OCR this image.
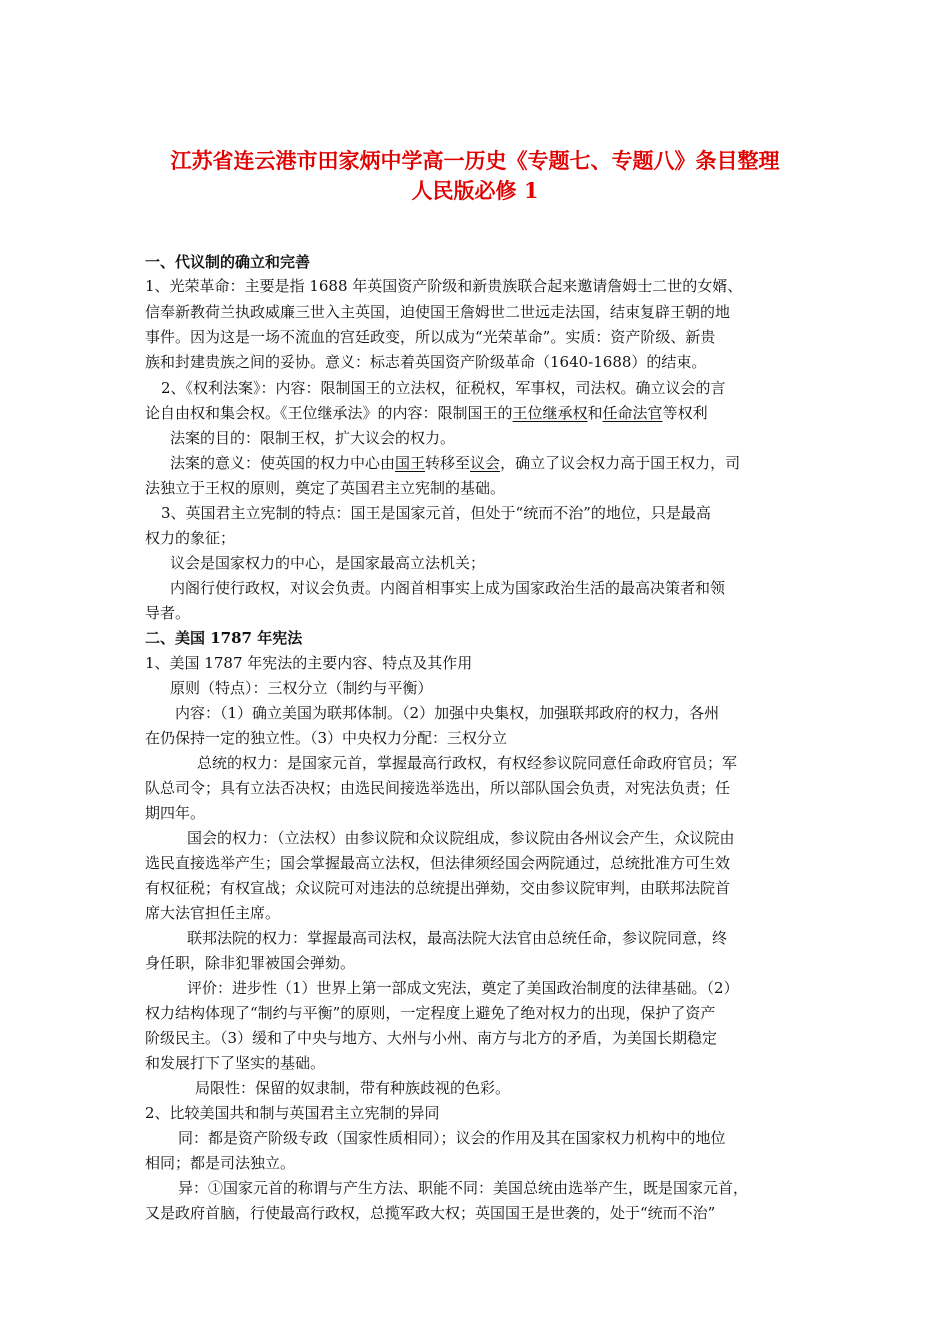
江苏省连云港市田家炳中学高一历史《专题七、专题八》条目整理
人民版必修 1
一、代议制的确立和完善
1、光荣革命：主要是指 1688 年英国资产阶级和新贵族联合起来邀请詹姆士二世的女婿、
信奉新教荷兰执政威廉三世入主英国，迫使国王詹姆世二世远走法国，结束复辟王朝的地
事件。因为这是一场不流血的宫廷政变，所以成为“光荣革命”。实质：资产阶级、新贵
族和封建贵族之间的妥协。意义：标志着英国资产阶级革命（1640-1688）的结束。
2、《权利法案》：内容：限制国王的立法权，征税权，军事权，司法权。确立议会的言
论自由权和集会权。《王位继承法》的内容：限制国王的王位继承权和任命法官等权利
法案的目的：限制王权，扩大议会的权力。
法案的意义：使英国的权力中心由国王转移至议会，确立了议会权力高于国王权力，司
法独立于王权的原则，奠定了英国君主立宪制的基础。
3、英国君主立宪制的特点：国王是国家元首，但处于“统而不治”的地位，只是最高
权力的象征；
议会是国家权力的中心，是国家最高立法机关；
内阁行使行政权，对议会负责。内阁首相事实上成为国家政治生活的最高决策者和领
导者。
二、美国 1787 年宪法
1、美国 1787 年宪法的主要内容、特点及其作用
原则（特点）：三权分立（制约与平衡）
内容：（1）确立美国为联邦体制。（2）加强中央集权，加强联邦政府的权力，各州
在仍保持一定的独立性。（3）中央权力分配：三权分立
总统的权力：是国家元首，掌握最高行政权，有权经参议院同意任命政府官员；军
队总司令；具有立法否决权；由选民间接选举选出，所以部队国会负责，对宪法负责；任
期四年。
国会的权力：（立法权）由参议院和众议院组成，参议院由各州议会产生，众议院由
选民直接选举产生；国会掌握最高立法权，但法律须经国会两院通过，总统批准方可生效
有权征税；有权宣战；众议院可对违法的总统提出弹劾，交由参议院审判，由联邦法院首
席大法官担任主席。
联邦法院的权力：掌握最高司法权，最高法院大法官由总统任命，参议院同意，终
身任职，除非犯罪被国会弹劾。
评价：进步性（1）世界上第一部成文宪法，奠定了美国政治制度的法律基础。（2）
权力结构体现了“制约与平衡”的原则，一定程度上避免了绝对权力的出现，保护了资产
阶级民主。（3）缓和了中央与地方、大州与小州、南方与北方的矛盾，为美国长期稳定
和发展打下了坚实的基础。
局限性：保留的奴隶制，带有种族歧视的色彩。
2、比较美国共和制与英国君主立宪制的异同
同：都是资产阶级专政（国家性质相同）；议会的作用及其在国家权力机构中的地位
相同；都是司法独立。
异：①国家元首的称谓与产生方法、职能不同：美国总统由选举产生，既是国家元首，
又是政府首脑，行使最高行政权，总揽军政大权；英国国王是世袭的，处于“统而不治”
